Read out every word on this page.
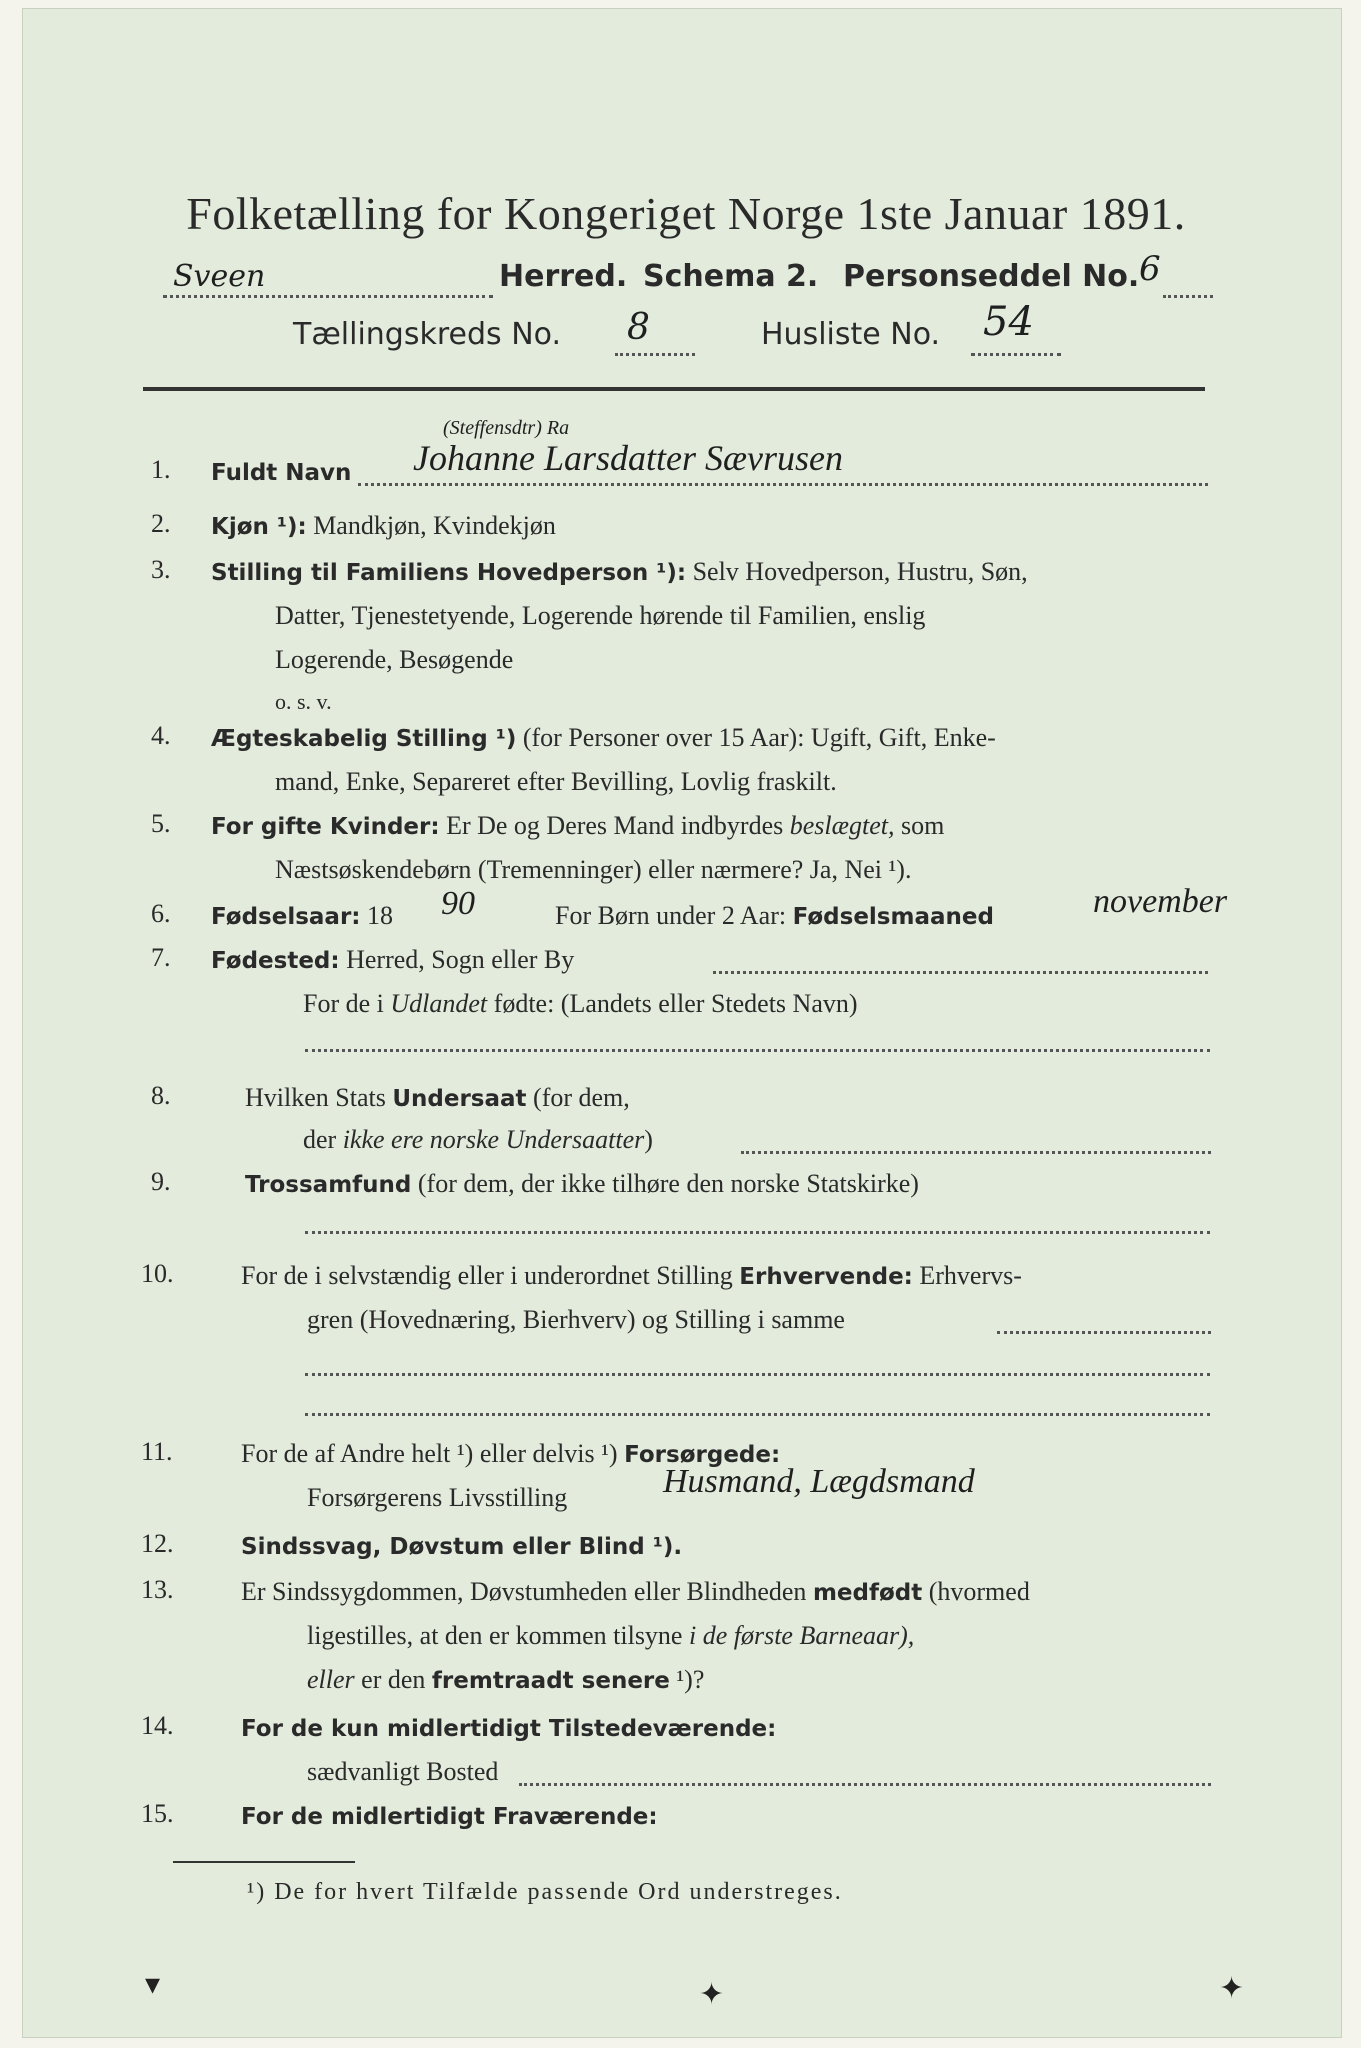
Folketælling for Kongeriget Norge 1ste Januar 1891.
Sveen	Herred. Schema 2. Personseddel No. 6
Tællingskreds No. 8	Husliste No. 54
1. Fuldt Navn
(Steffensdtr) Ra
Johanne Larsdatter Sævrusen
2. Kjøn ¹): Mandkjøn, Kvindekjøn
3. Stilling til Familiens Hovedperson ¹): Selv Hovedperson, Hustru, Søn,
Datter, Tjenestetyende, Logerende hørende til Familien, enslig
Logerende, Besøgende
o. s. v.
4. Ægteskabelig Stilling ¹) (for Personer over 15 Aar): Ugift, Gift, Enke-
mand, Enke, Separeret efter Bevilling, Lovlig fraskilt.
5. For gifte Kvinder: Er De og Deres Mand indbyrdes beslægtet, som
Næstsøskendebørn (Tremenninger) eller nærmere? Ja, Nei ¹).
6. Fødselsaar: 18 90	For Børn under 2 Aar: Fødselsmaaned	november
7. Fødested: Herred, Sogn eller By
For de i Udlandet fødte: (Landets eller Stedets Navn)
8.	Hvilken Stats Undersaat (for dem,
der ikke ere norske Undersaatter)
9.	Trossamfund (for dem, der ikke tilhøre den norske Statskirke)
10.	For de i selvstændig eller i underordnet Stilling Erhvervende: Erhvervs-
gren (Hovednæring, Bierhverv) og Stilling i samme
11.	For de af Andre helt ¹) eller delvis ¹) Forsørgede:
Forsørgerens Livsstilling	Husmand, Lægdsmand
12.	Sindssvag, Døvstum eller Blind ¹).
13.	Er Sindssygdommen, Døvstumheden eller Blindheden medfødt (hvormed
ligestilles, at den er kommen tilsyne i de første Barneaar),
eller er den fremtraadt senere ¹)?
14.	For de kun midlertidigt Tilstedeværende:
sædvanligt Bosted
15.	For de midlertidigt Fraværende:
¹) De for hvert Tilfælde passende Ord understreges.
▾	✦	✦
